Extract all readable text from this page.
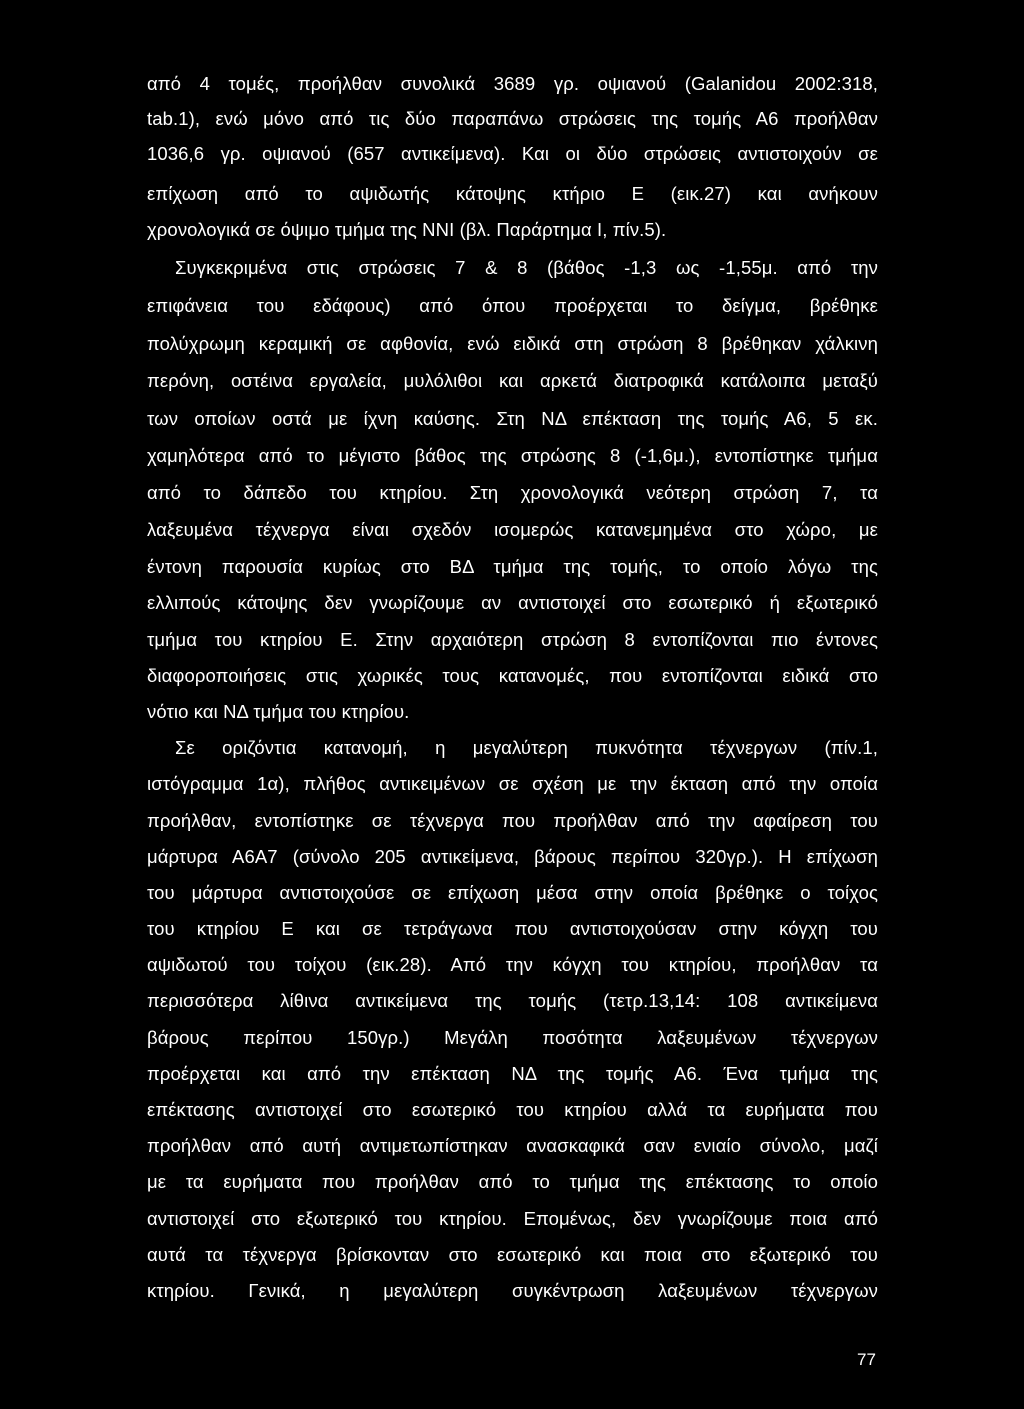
από 4 τομές, προήλθαν συνολικά 3689 γρ. οψιανού (Galanidou 2002:318,
tab.1), ενώ μόνο από τις δύο παραπάνω στρώσεις της τομής Α6 προήλθαν
1036,6 γρ. οψιανού (657 αντικείμενα). Και οι δύο στρώσεις αντιστοιχούν σε
επίχωση από το αψιδωτής κάτοψης κτήριο Ε (εικ.27) και ανήκουν
χρονολογικά σε όψιμο τμήμα της ΝΝΙ (βλ. Παράρτημα Ι, πίν.5).
Συγκεκριμένα στις στρώσεις 7 & 8 (βάθος -1,3 ως -1,55μ. από την
επιφάνεια του εδάφους) από όπου προέρχεται το δείγμα, βρέθηκε
πολύχρωμη κεραμική σε αφθονία, ενώ ειδικά στη στρώση 8 βρέθηκαν χάλκινη
περόνη, οστέινα εργαλεία, μυλόλιθοι και αρκετά διατροφικά κατάλοιπα μεταξύ
των οποίων οστά με ίχνη καύσης. Στη ΝΔ επέκταση της τομής Α6, 5 εκ.
χαμηλότερα από το μέγιστο βάθος της στρώσης 8 (-1,6μ.), εντοπίστηκε τμήμα
από το δάπεδο του κτηρίου. Στη χρονολογικά νεότερη στρώση 7, τα
λαξευμένα τέχνεργα είναι σχεδόν ισομερώς κατανεμημένα στο χώρο, με
έντονη παρουσία κυρίως στο ΒΔ τμήμα της τομής, το οποίο λόγω της
ελλιπούς κάτοψης δεν γνωρίζουμε αν αντιστοιχεί στο εσωτερικό ή εξωτερικό
τμήμα του κτηρίου Ε. Στην αρχαιότερη στρώση 8 εντοπίζονται πιο έντονες
διαφοροποιήσεις στις χωρικές τους κατανομές, που εντοπίζονται ειδικά στο
νότιο και ΝΔ τμήμα του κτηρίου.
Σε οριζόντια κατανομή, η μεγαλύτερη πυκνότητα τέχνεργων (πίν.1,
ιστόγραμμα 1α), πλήθος αντικειμένων σε σχέση με την έκταση από την οποία
προήλθαν, εντοπίστηκε σε τέχνεργα που προήλθαν από την αφαίρεση του
μάρτυρα Α6Α7 (σύνολο 205 αντικείμενα, βάρους περίπου 320γρ.). Η επίχωση
του μάρτυρα αντιστοιχούσε σε επίχωση μέσα στην οποία βρέθηκε ο τοίχος
του κτηρίου Ε και σε τετράγωνα που αντιστοιχούσαν στην κόγχη του
αψιδωτού του τοίχου (εικ.28). Από την κόγχη του κτηρίου, προήλθαν τα
περισσότερα λίθινα αντικείμενα της τομής (τετρ.13,14: 108 αντικείμενα
βάρους περίπου 150γρ.) Μεγάλη ποσότητα λαξευμένων τέχνεργων
προέρχεται και από την επέκταση ΝΔ της τομής Α6. Ένα τμήμα της
επέκτασης αντιστοιχεί στο εσωτερικό του κτηρίου αλλά τα ευρήματα που
προήλθαν από αυτή αντιμετωπίστηκαν ανασκαφικά σαν ενιαίο σύνολο, μαζί
με τα ευρήματα που προήλθαν από το τμήμα της επέκτασης το οποίο
αντιστοιχεί στο εξωτερικό του κτηρίου. Επομένως, δεν γνωρίζουμε ποια από
αυτά τα τέχνεργα βρίσκονταν στο εσωτερικό και ποια στο εξωτερικό του
κτηρίου. Γενικά, η μεγαλύτερη συγκέντρωση λαξευμένων τέχνεργων
77
